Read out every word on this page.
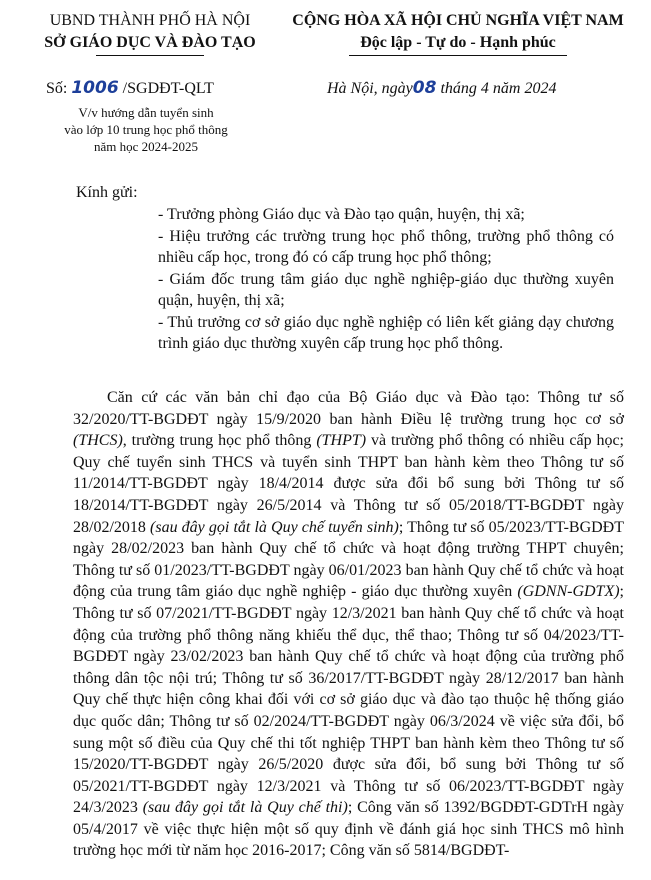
UBND THÀNH PHỐ HÀ NỘI
SỞ GIÁO DỤC VÀ ĐÀO TẠO
CỘNG HÒA XÃ HỘI CHỦ NGHĨA VIỆT NAM
Độc lập - Tự do - Hạnh phúc
Số: 1006 /SGDĐT-QLT	Hà Nội, ngày08 tháng 4 năm 2024
V/v hướng dẫn tuyển sinh
vào lớp 10 trung học phổ thông
năm học 2024-2025
Kính gửi:

- Trưởng phòng Giáo dục và Đào tạo quận, huyện, thị xã;

- Hiệu trưởng các trường trung học phổ thông, trường phổ thông có nhiều cấp học, trong đó có cấp trung học phổ thông;

- Giám đốc trung tâm giáo dục nghề nghiệp-giáo dục thường xuyên quận, huyện, thị xã;

- Thủ trưởng cơ sở giáo dục nghề nghiệp có liên kết giảng dạy chương trình giáo dục thường xuyên cấp trung học phổ thông.

Căn cứ các văn bản chỉ đạo của Bộ Giáo dục và Đào tạo: Thông tư số 32/2020/TT-BGDĐT ngày 15/9/2020 ban hành Điều lệ trường trung học cơ sở (THCS), trường trung học phổ thông (THPT) và trường phổ thông có nhiều cấp học; Quy chế tuyển sinh THCS và tuyển sinh THPT ban hành kèm theo Thông tư số 11/2014/TT-BGDĐT ngày 18/4/2014 được sửa đổi bổ sung bởi Thông tư số 18/2014/TT-BGDĐT ngày 26/5/2014 và Thông tư số 05/2018/TT-BGDĐT ngày 28/02/2018 (sau đây gọi tắt là Quy chế tuyển sinh); Thông tư số 05/2023/TT-BGDĐT ngày 28/02/2023 ban hành Quy chế tổ chức và hoạt động trường THPT chuyên; Thông tư số 01/2023/TT-BGDĐT ngày 06/01/2023 ban hành Quy chế tổ chức và hoạt động của trung tâm giáo dục nghề nghiệp - giáo dục thường xuyên (GDNN-GDTX); Thông tư số 07/2021/TT-BGDĐT ngày 12/3/2021 ban hành Quy chế tổ chức và hoạt động của trường phổ thông năng khiếu thể dục, thể thao; Thông tư số 04/2023/TT-BGDĐT ngày 23/02/2023 ban hành Quy chế tổ chức và hoạt động của trường phổ thông dân tộc nội trú; Thông tư số 36/2017/TT-BGDĐT ngày 28/12/2017 ban hành Quy chế thực hiện công khai đối với cơ sở giáo dục và đào tạo thuộc hệ thống giáo dục quốc dân; Thông tư số 02/2024/TT-BGDĐT ngày 06/3/2024 về việc sửa đổi, bổ sung một số điều của Quy chế thi tốt nghiệp THPT ban hành kèm theo Thông tư số 15/2020/TT-BGDĐT ngày 26/5/2020 được sửa đổi, bổ sung bởi Thông tư số 05/2021/TT-BGDĐT ngày 12/3/2021 và Thông tư số 06/2023/TT-BGDĐT ngày 24/3/2023 (sau đây gọi tắt là Quy chế thi); Công văn số 1392/BGDĐT-GDTrH ngày 05/4/2017 về việc thực hiện một số quy định về đánh giá học sinh THCS mô hình trường học mới từ năm học 2016-2017; Công văn số 5814/BGDĐT-
